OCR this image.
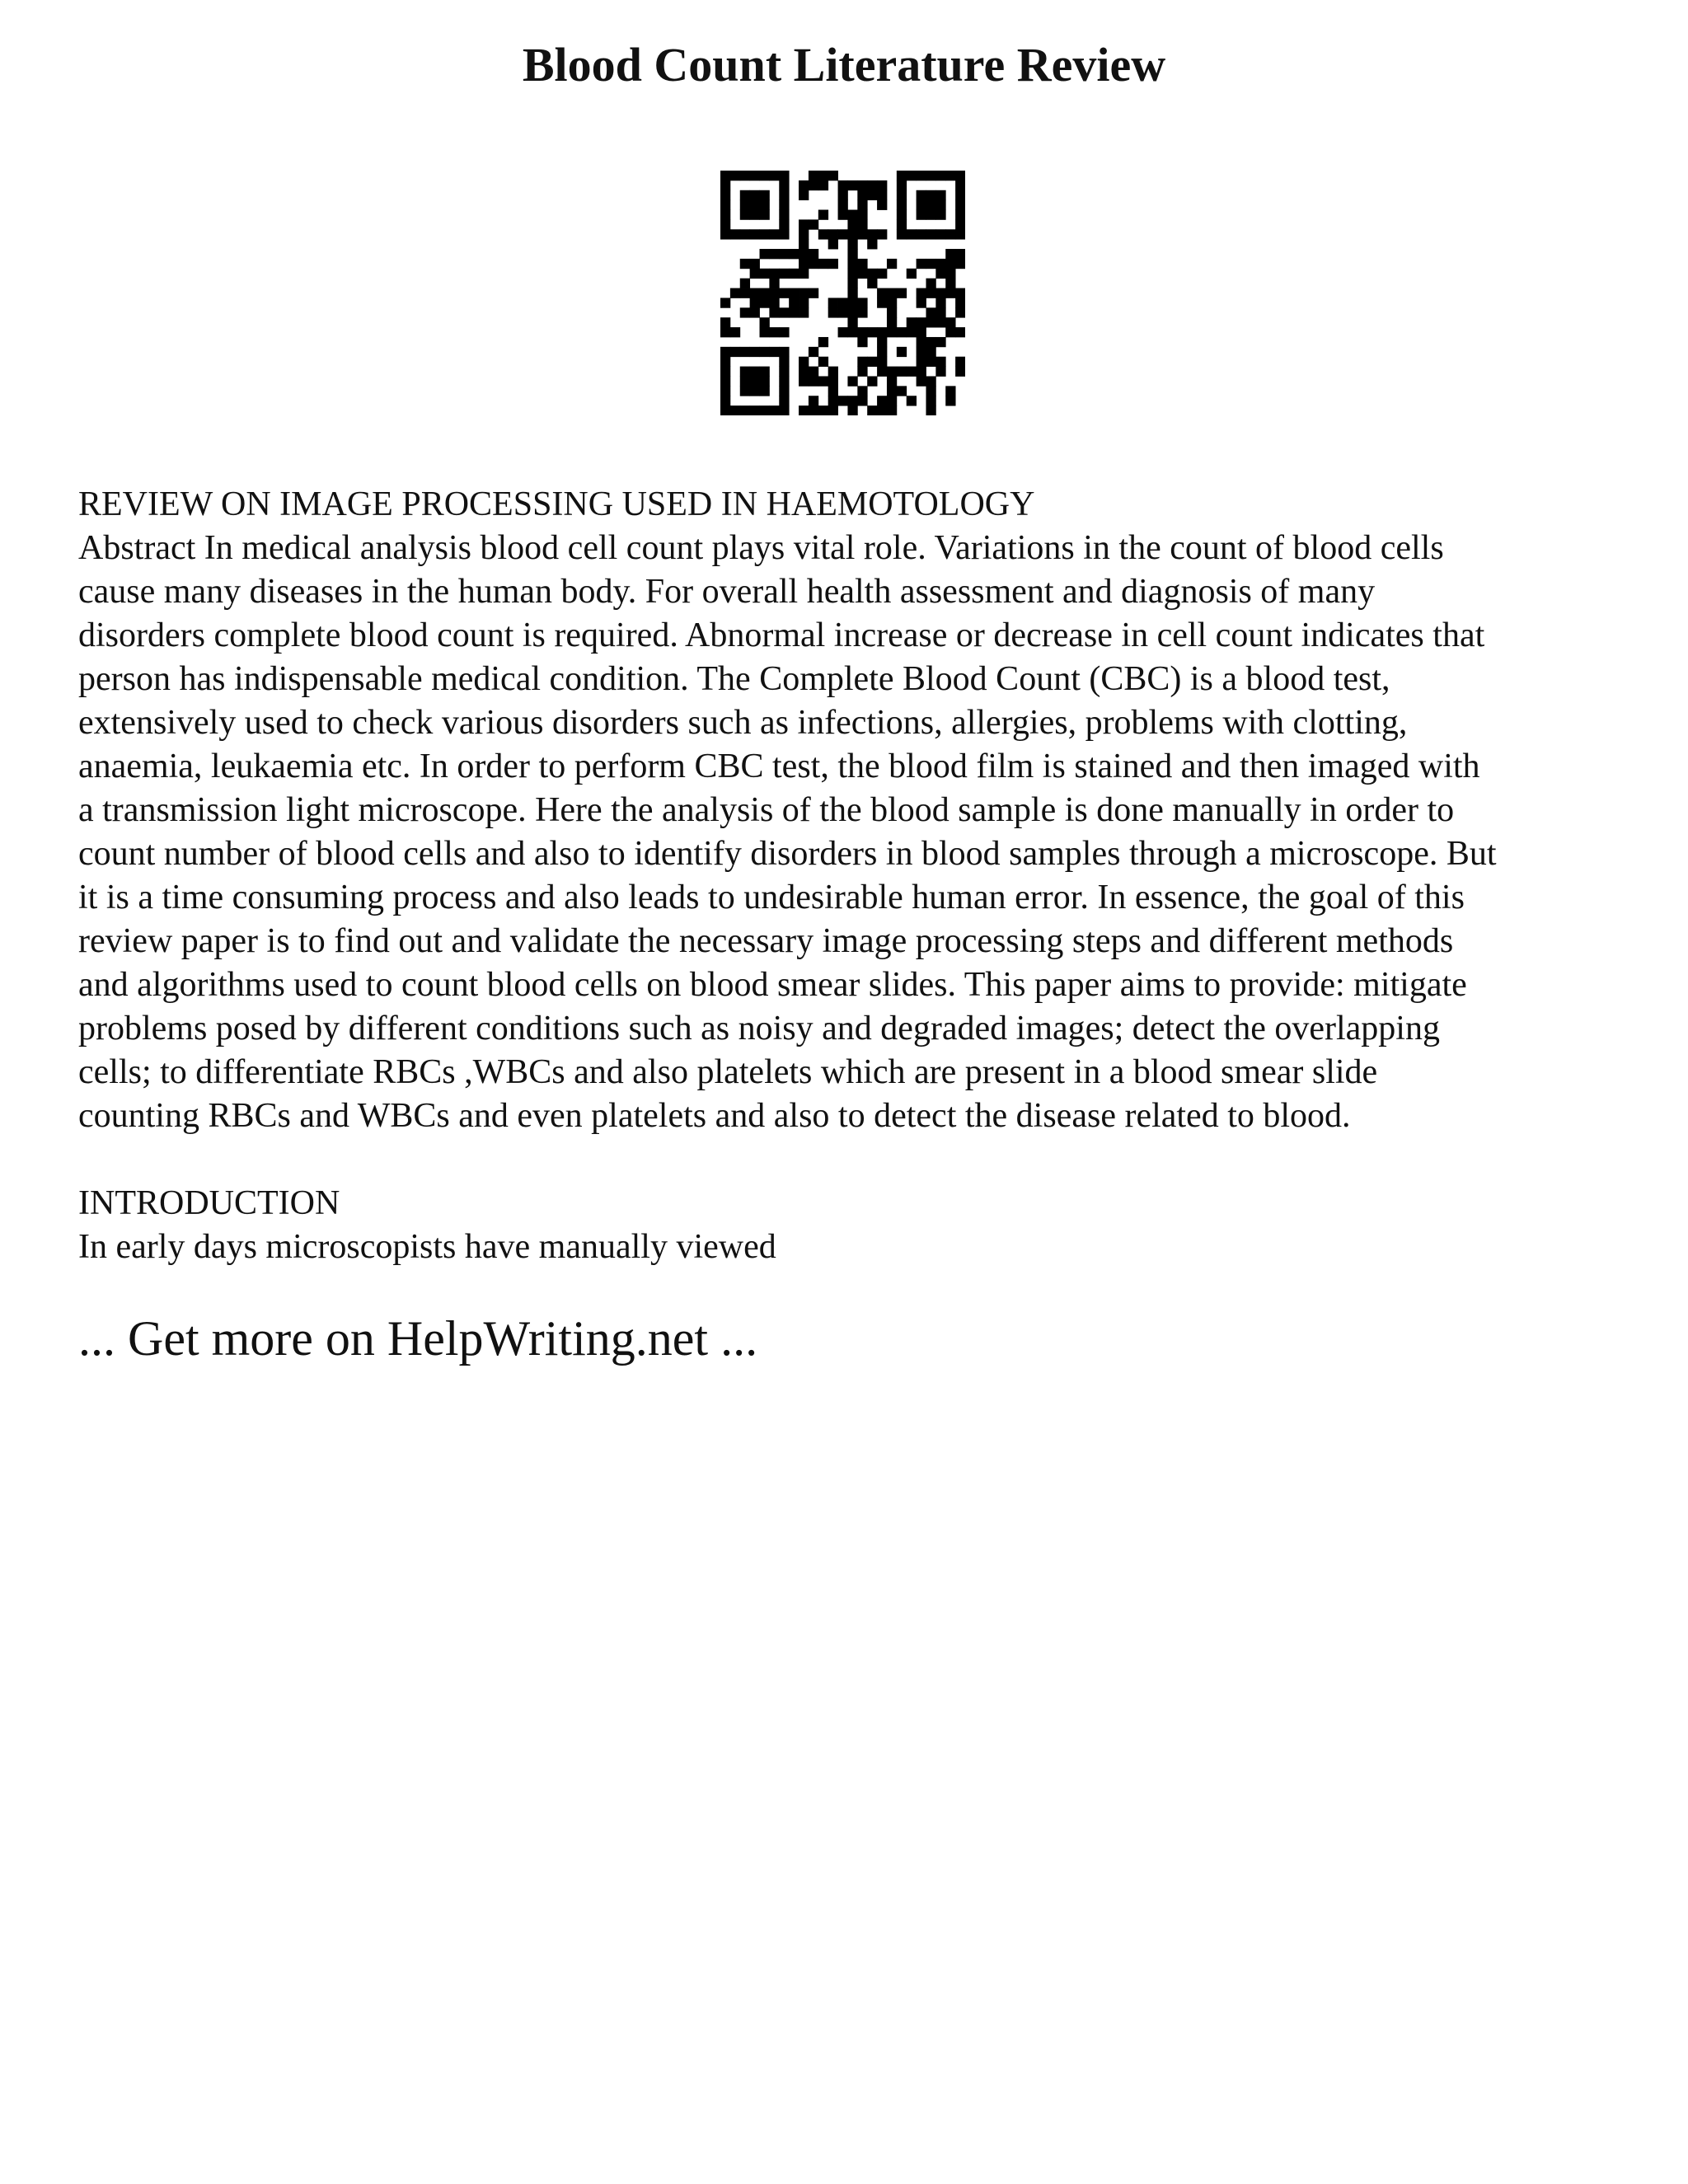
Blood Count Literature Review

REVIEW ON IMAGE PROCESSING USED IN HAEMOTOLOGY

Abstract In medical analysis blood cell count plays vital role. Variations in the count of blood cells
cause many diseases in the human body. For overall health assessment and diagnosis of many
disorders complete blood count is required. Abnormal increase or decrease in cell count indicates that
person has indispensable medical condition. The Complete Blood Count (CBC) is a blood test,
extensively used to check various disorders such as infections, allergies, problems with clotting,
anaemia, leukaemia etc. In order to perform CBC test, the blood film is stained and then imaged with
a transmission light microscope. Here the analysis of the blood sample is done manually in order to
count number of blood cells and also to identify disorders in blood samples through a microscope. But
it is a time consuming process and also leads to undesirable human error. In essence, the goal of this
review paper is to find out and validate the necessary image processing steps and different methods
and algorithms used to count blood cells on blood smear slides. This paper aims to provide: mitigate
problems posed by different conditions such as noisy and degraded images; detect the overlapping
cells; to differentiate RBCs ,WBCs and also platelets which are present in a blood smear slide
counting RBCs and WBCs and even platelets and also to detect the disease related to blood.

INTRODUCTION

In early days microscopists have manually viewed

... Get more on HelpWriting.net ...
